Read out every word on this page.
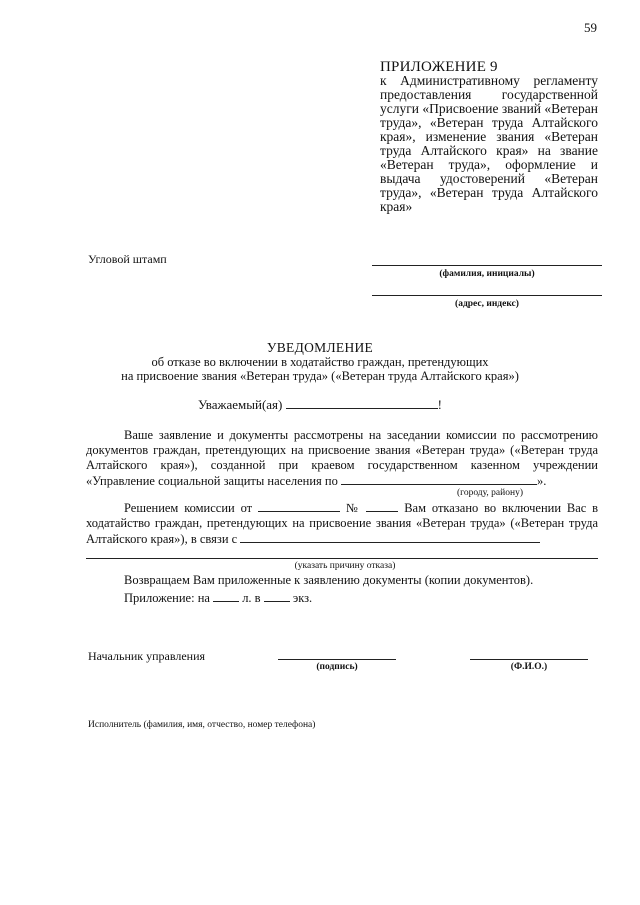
59
ПРИЛОЖЕНИЕ 9
к Административному регламенту предоставления государственной услуги «Присвоение званий «Ветеран труда», «Ветеран труда Алтайского края», изменение звания «Ветеран труда Алтайского края» на звание «Ветеран труда», оформление и выдача удостоверений «Ветеран труда», «Ветеран труда Алтайского края»
Угловой штамп
(фамилия, инициалы)
(адрес, индекс)
УВЕДОМЛЕНИЕ
об отказе во включении в ходатайство граждан, претендующих
на присвоение звания «Ветеран труда» («Ветеран труда Алтайского края»)
Уважаемый(ая)	!
Ваше заявление и документы рассмотрены на заседании комиссии по рассмотрению документов граждан, претендующих на присвоение звания «Ветеран труда» («Ветеран труда Алтайского края»), созданной при краевом государственном казенном учреждении «Управление социальной защиты населения по	».
(городу, району)
Решением комиссии от	№	Вам отказано во включении Вас в ходатайство граждан, претендующих на присвоение звания «Ветеран труда» («Ветеран труда Алтайского края»), в связи с
(указать причину отказа)
Возвращаем Вам приложенные к заявлению документы (копии документов).
Приложение: на	л. в	экз.
Начальник управления
(подпись)	(Ф.И.О.)
Исполнитель (фамилия, имя, отчество, номер телефона)
